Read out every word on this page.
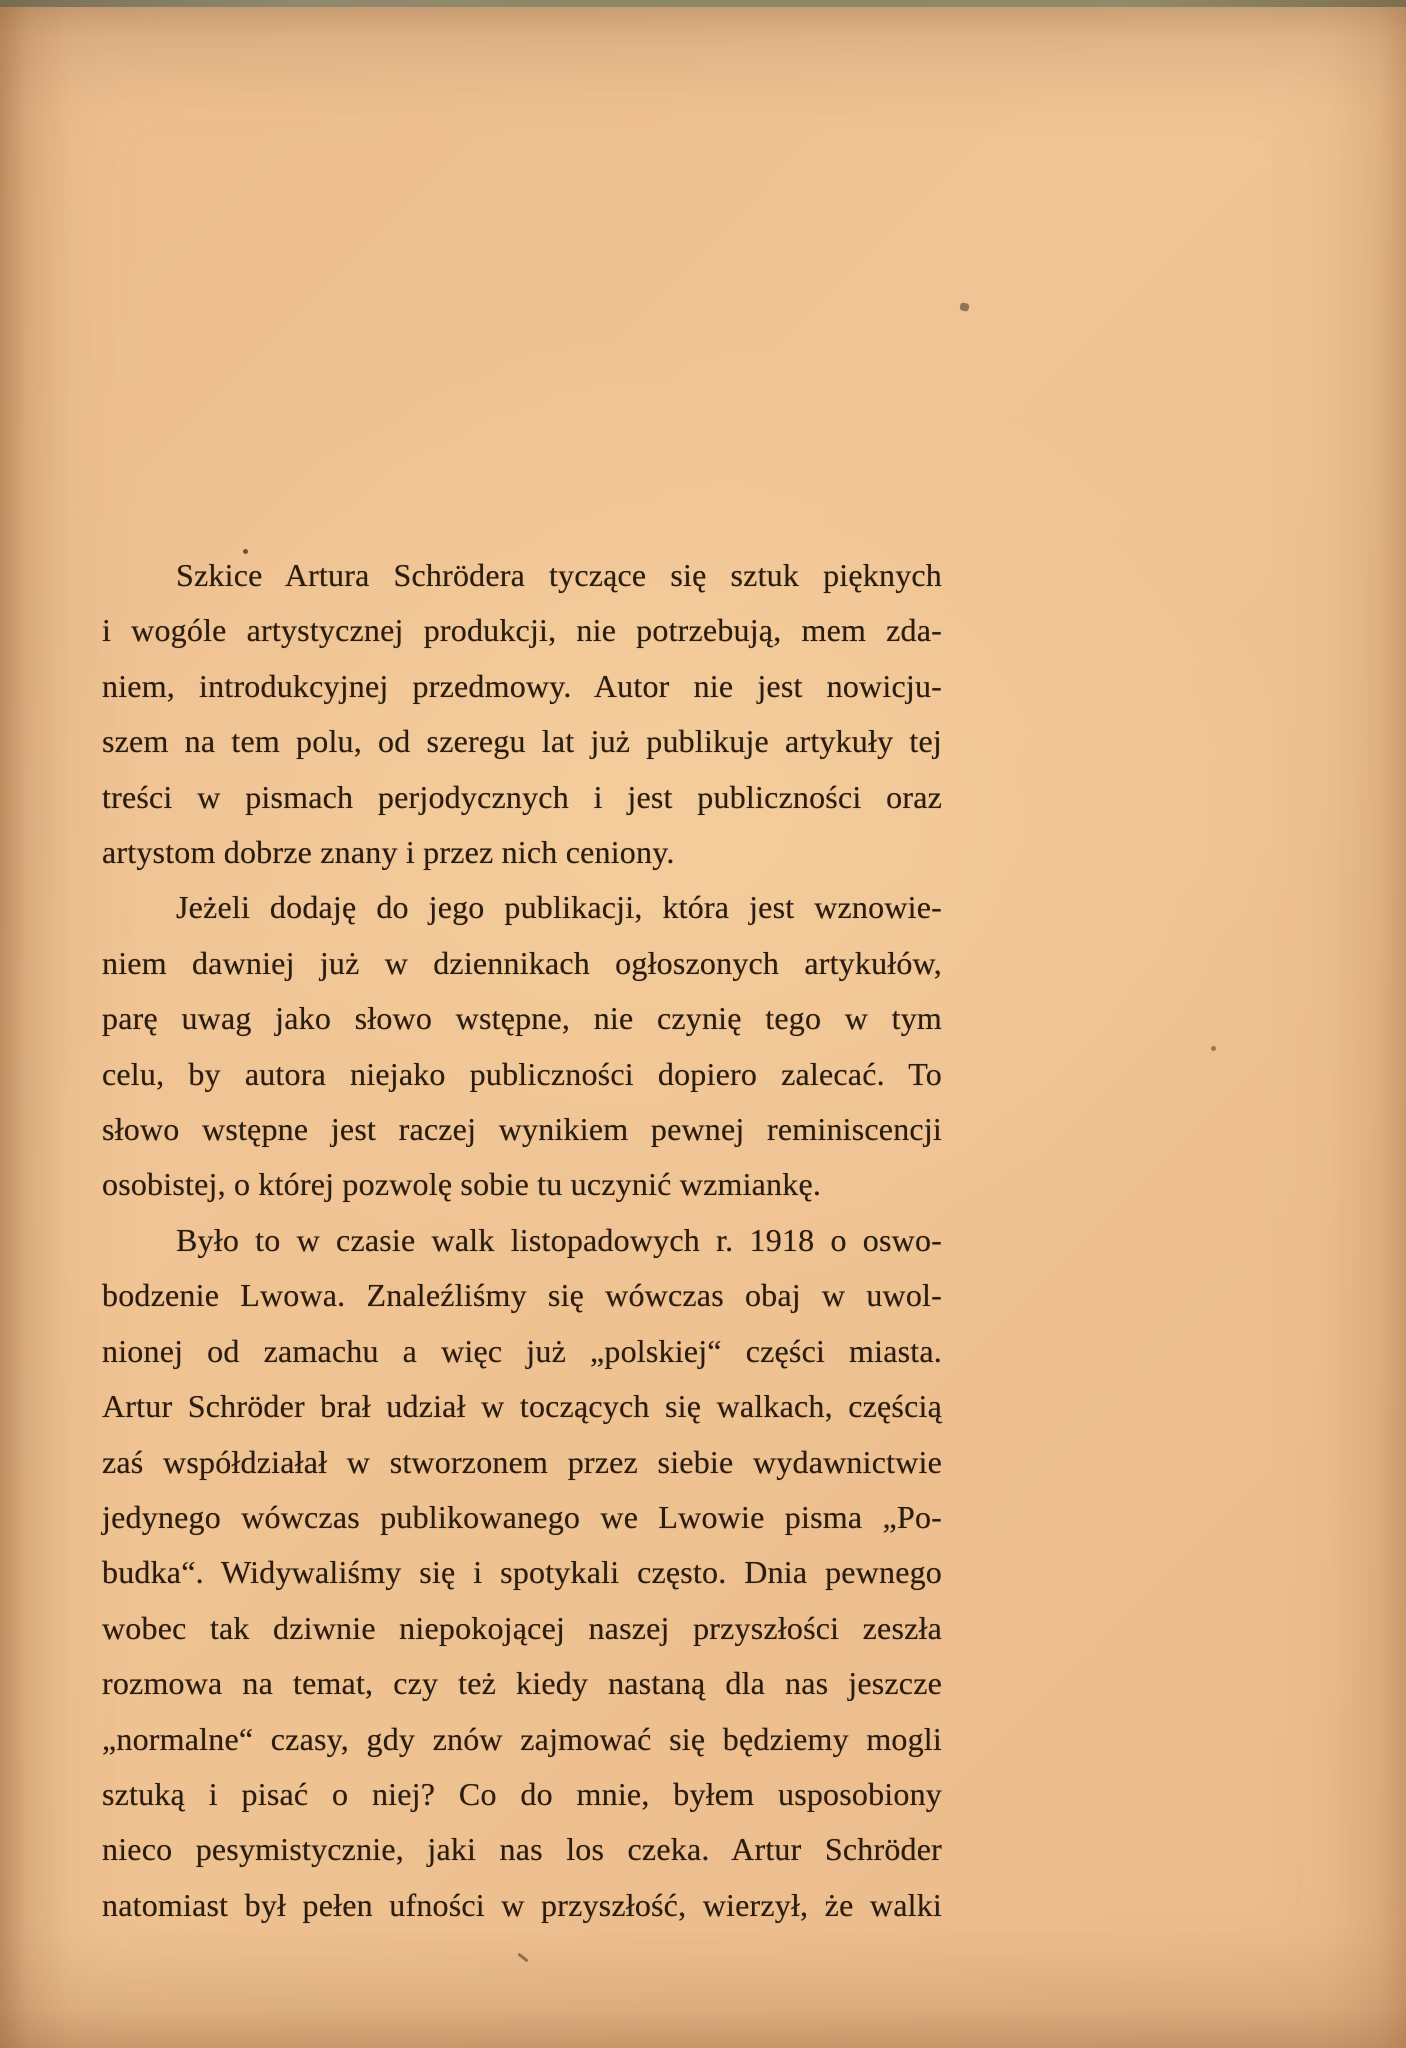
Szkice Artura Schrödera tyczące się sztuk pięknych
i wogóle artystycznej produkcji, nie potrzebują, mem zda-
niem, introdukcyjnej przedmowy. Autor nie jest nowicju-
szem na tem polu, od szeregu lat już publikuje artykuły tej
treści w pismach perjodycznych i jest publiczności oraz
artystom dobrze znany i przez nich ceniony.
Jeżeli dodaję do jego publikacji, która jest wznowie-
niem dawniej już w dziennikach ogłoszonych artykułów,
parę uwag jako słowo wstępne, nie czynię tego w tym
celu, by autora niejako publiczności dopiero zalecać. To
słowo wstępne jest raczej wynikiem pewnej reminiscencji
osobistej, o której pozwolę sobie tu uczynić wzmiankę.
Było to w czasie walk listopadowych r. 1918 o oswo-
bodzenie Lwowa. Znaleźliśmy się wówczas obaj w uwol-
nionej od zamachu a więc już „polskiej“ części miasta.
Artur Schröder brał udział w toczących się walkach, częścią
zaś współdziałał w stworzonem przez siebie wydawnictwie
jedynego wówczas publikowanego we Lwowie pisma „Po-
budka“. Widywaliśmy się i spotykali często. Dnia pewnego
wobec tak dziwnie niepokojącej naszej przyszłości zeszła
rozmowa na temat, czy też kiedy nastaną dla nas jeszcze
„normalne“ czasy, gdy znów zajmować się będziemy mogli
sztuką i pisać o niej? Co do mnie, byłem usposobiony
nieco pesymistycznie, jaki nas los czeka. Artur Schröder
natomiast był pełen ufności w przyszłość, wierzył, że walki
